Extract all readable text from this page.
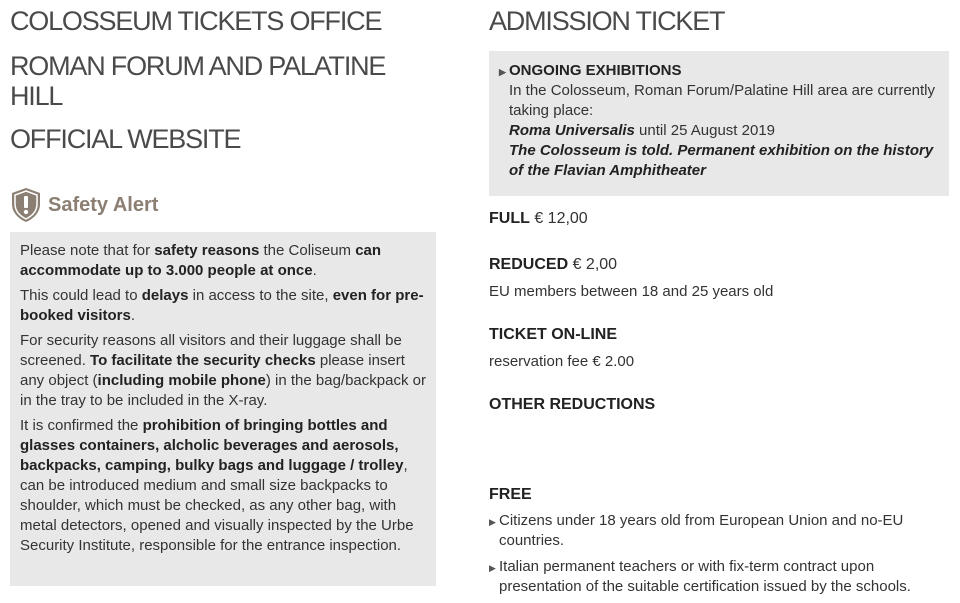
COLOSSEUM TICKETS OFFICE
ROMAN FORUM AND PALATINE HILL
OFFICIAL WEBSITE
Safety Alert

Please note that for safety reasons the Coliseum can accommodate up to 3.000 people at once.

This could lead to delays in access to the site, even for pre-booked visitors.

For security reasons all visitors and their luggage shall be screened. To facilitate the security checks please insert any object (including mobile phone) in the bag/backpack or in the tray to be included in the X-ray.

It is confirmed the prohibition of bringing bottles and glasses containers, alcholic beverages and aerosols, backpacks, camping, bulky bags and luggage / trolley, can be introduced medium and small size backpacks to shoulder, which must be checked, as any other bag, with metal detectors, opened and visually inspected by the Urbe Security Institute, responsible for the entrance inspection.

ADMISSION TICKET
▶ ONGOING EXHIBITIONS
In the Colosseum, Roman Forum/Palatine Hill area are currently taking place:
Roma Universalis until 25 August 2019
The Colosseum is told. Permanent exhibition on the history of the Flavian Amphitheater
FULL € 12,00
REDUCED € 2,00
EU members between 18 and 25 years old
TICKET ON-LINE
reservation fee € 2.00
OTHER REDUCTIONS
FREE
▶ Citizens under 18 years old from European Union and no-EU countries.
▶ Italian permanent teachers or with fix-term contract upon presentation of the suitable certification issued by the schools.
